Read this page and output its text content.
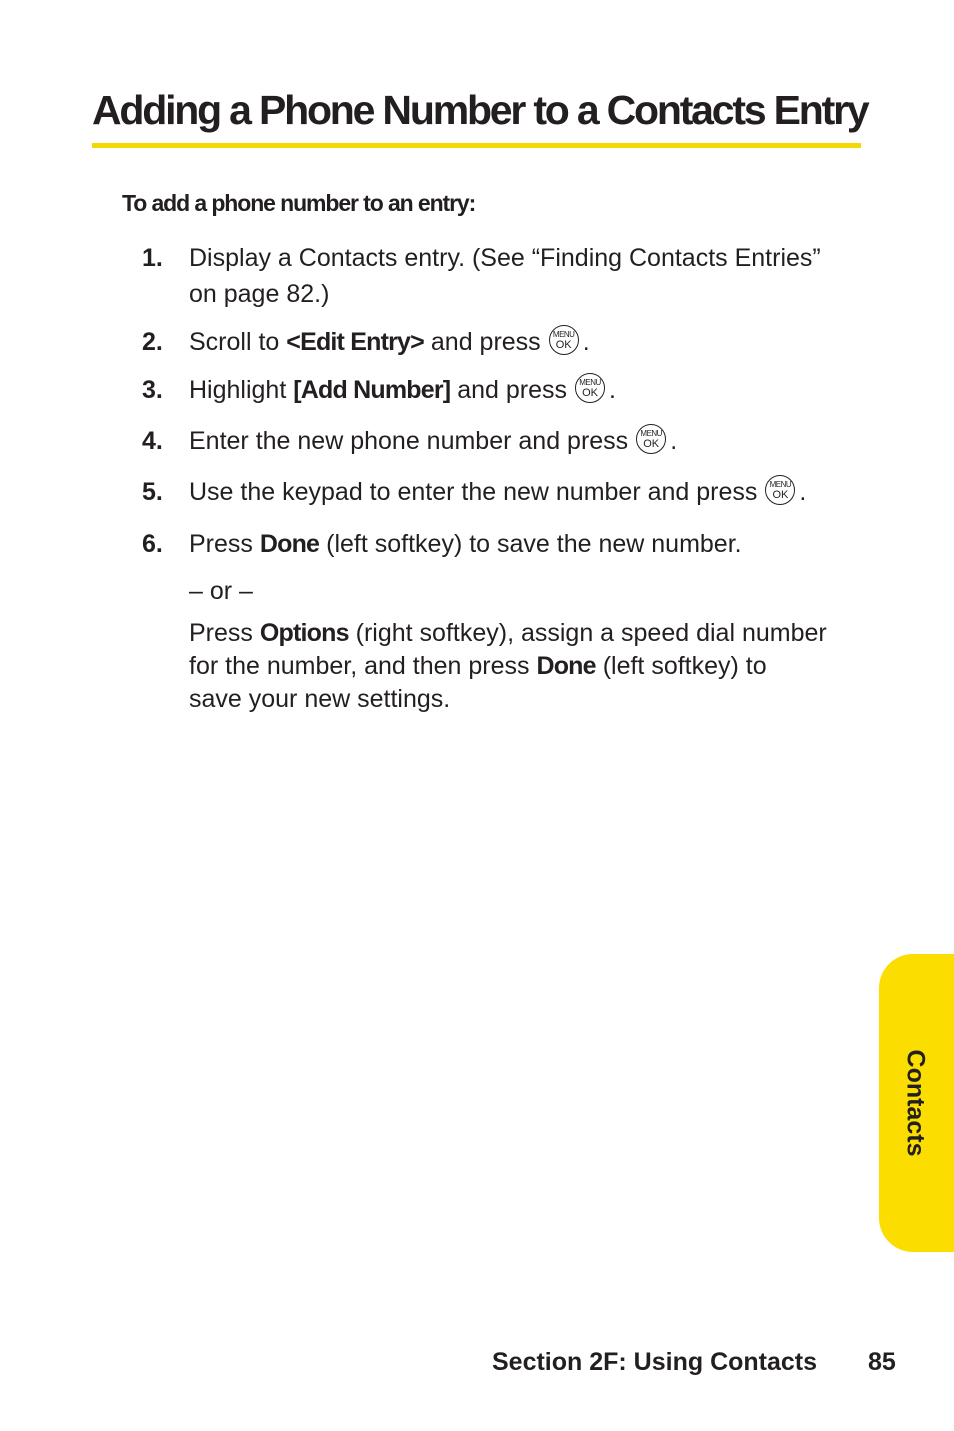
Adding a Phone Number to a Contacts Entry

To add a phone number to an entry:

1.	Display a Contacts entry. (See “Finding Contacts Entries”
on page 82.)
2.	Scroll to <Edit Entry> and press	MENU
OK .
3.	Highlight [Add Number] and press	MENU
OK .
4.	Enter the new phone number and press	MENU
OK .
5.	Use the keypad to enter the new number and press	MENU
OK .
6.	Press Done (left softkey) to save the new number.
– or –
Press Options (right softkey), assign a speed dial number
for the number, and then press Done (left softkey) to
save your new settings.
Contacts
Section 2F: Using Contacts 85
